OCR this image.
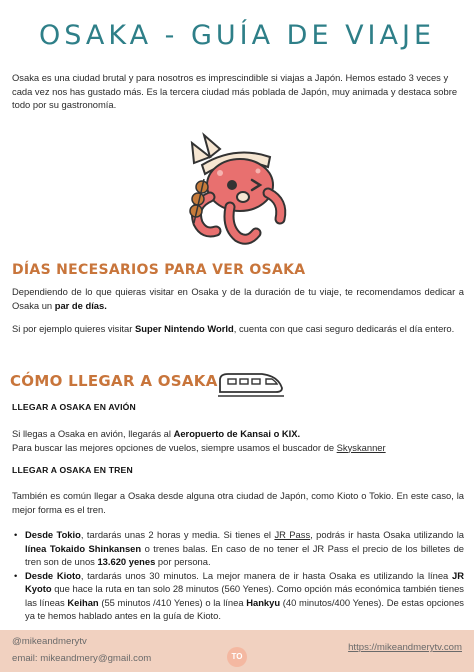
OSAKA - GUÍA DE VIAJE
Osaka es una ciudad brutal y para nosotros es imprescindible si viajas a Japón. Hemos estado 3 veces y cada vez nos has gustado más. Es la tercera ciudad más poblada de Japón, muy animada y destaca sobre todo por su gastronomía.
DÍAS NECESARIOS PARA VER OSAKA
Dependiendo de lo que quieras visitar en Osaka y de la duración de tu viaje, te recomendamos dedicar a Osaka un par de días.
Si por ejemplo quieres visitar Super Nintendo World, cuenta con que casi seguro dedicarás el día entero.
CÓMO LLEGAR A OSAKA
LLEGAR A OSAKA EN AVIÓN
Si llegas a Osaka en avión, llegarás al Aeropuerto de Kansai o KIX.
Para buscar las mejores opciones de vuelos, siempre usamos el buscador de Skyskanner
LLEGAR A OSAKA EN TREN
También es común llegar a Osaka desde alguna otra ciudad de Japón, como Kioto o Tokio. En este caso, la mejor forma es el tren.
• Desde Tokio, tardarás unas 2 horas y media. Si tienes el JR Pass, podrás ir hasta Osaka utilizando la línea Tokaido Shinkansen o trenes balas. En caso de no tener el JR Pass el precio de los billetes de tren son de unos 13.620 yenes por persona.
• Desde Kioto, tardarás unos 30 minutos. La mejor manera de ir hasta Osaka es utilizando la línea JR Kyoto que hace la ruta en tan solo 28 minutos (560 Yenes). Como opción más económica también tienes las líneas Keihan (55 minutos /410 Yenes) o la línea Hankyu (40 minutos/400 Yenes). De estas opciones ya te hemos hablado antes en la guía de Kioto.
@mikeandmerytv
email: mikeandmery@gmail.com	TO
https://mikeandmerytv.com
